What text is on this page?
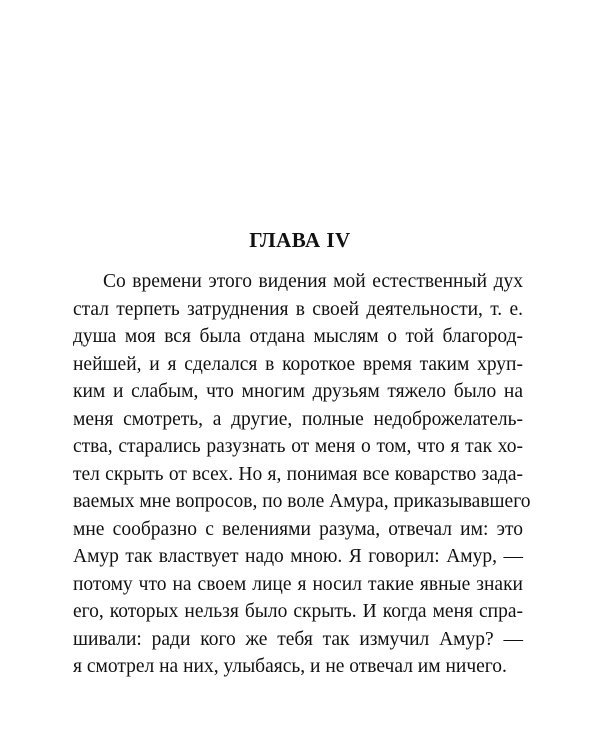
ГЛАВА IV
Со времени этого видения мой естественный дух
стал терпеть затруднения в своей деятельности, т. е.
душа моя вся была отдана мыслям о той благород-
нейшей, и я сделался в короткое время таким хруп-
ким и слабым, что многим друзьям тяжело было на
меня смотреть, а другие, полные недоброжелатель-
ства, старались разузнать от меня о том, что я так хо-
тел скрыть от всех. Но я, понимая все коварство зада-
ваемых мне вопросов, по воле Амура, приказывавшего
мне сообразно с велениями разума, отвечал им: это
Амур так властвует надо мною. Я говорил: Амур, —
потому что на своем лице я носил такие явные знаки
его, которых нельзя было скрыть. И когда меня спра-
шивали: ради кого же тебя так измучил Амур? —
я смотрел на них, улыбаясь, и не отвечал им ничего.
